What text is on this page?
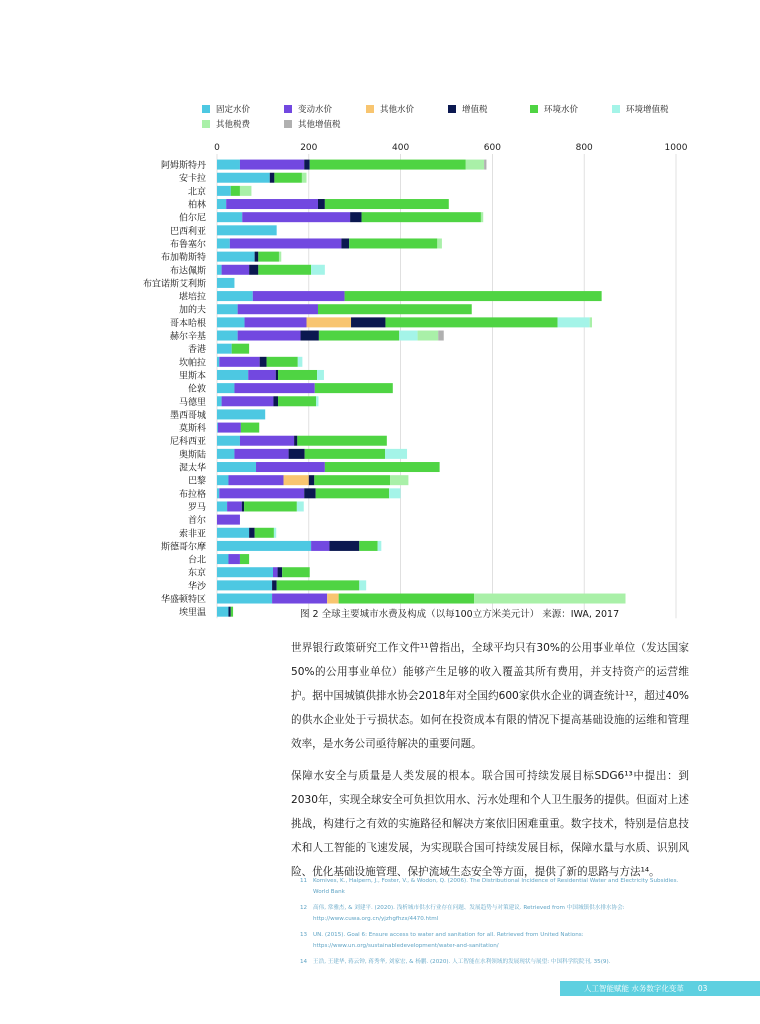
固定水价	变动水价	其他水价	增值税	环境水价	环境增值税
其他税费	其他增值税
0	200	400	600	800	1000
阿姆斯特丹
安卡拉
北京
柏林
伯尔尼
巴西利亚
布鲁塞尔
布加勒斯特
布达佩斯
布宜诺斯艾利斯
堪培拉
加的夫
哥本哈根
赫尔辛基
香港
坎帕拉
里斯本
伦敦
马德里
墨西哥城
莫斯科
尼科西亚
奥斯陆
渥太华
巴黎
布拉格
罗马
首尔
索非亚
斯德哥尔摩
台北
东京
华沙
华盛顿特区
埃里温	图 2 全球主要城市水费及构成（以每100立方米美元计） 来源：IWA, 2017

世界银行政策研究工作文件¹¹曾指出，全球平均只有30%的公用事业单位（发达国家50%的公用事业单位）能够产生足够的收入覆盖其所有费用，并支持资产的运营维护。据中国城镇供排水协会2018年对全国约600家供水企业的调查统计¹²，超过40%的供水企业处于亏损状态。如何在投资成本有限的情况下提高基础设施的运维和管理效率，是水务公司亟待解决的重要问题。

保障水安全与质量是人类发展的根本。联合国可持续发展目标SDG6¹³中提出：到2030年，实现全球安全可负担饮用水、污水处理和个人卫生服务的提供。但面对上述挑战，构建行之有效的实施路径和解决方案依旧困难重重。数字技术，特别是信息技术和人工智能的飞速发展，为实现联合国可持续发展目标，保障水量与水质、识别风险、优化基础设施管理、保护流域生态安全等方面，提供了新的思路与方法¹⁴。

11	Komives, K., Halpern, J., Foster, V., & Wodon, Q. (2006). The Distributional Incidence of Residential Water and Electricity Subsidies. World Bank
12	高伟, 常雅杰, & 刘建平. (2020). 浅析城市供水行业存在问题、发展趋势与对策建议. Retrieved from 中国城镇供水排水协会: http://www.cuwa.org.cn/yjzhgfhzx/4470.html
13	UN. (2015). Goal 6: Ensure access to water and sanitation for all. Retrieved from United Nations: https://www.un.org/sustainabledevelopment/water-and-sanitation/
14	王浩, 王建华, 蒋云钟, 蒋秀华, 刘家宏, & 杨鹏. (2020). 人工智能在水利领域的发展现状与展望: 中国科学院院刊, 35(9).
人工智能赋能 水务数字化变革 03
